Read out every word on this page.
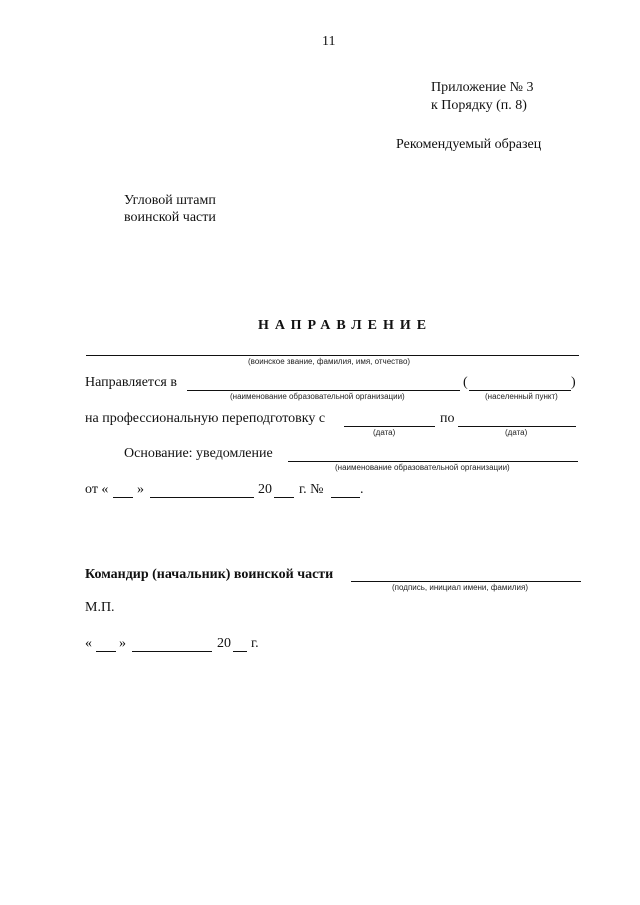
11
Приложение № 3
к Порядку (п. 8)
Рекомендуемый образец
Угловой штамп
воинской части
НАПРАВЛЕНИЕ
(воинское звание, фамилия, имя, отчество)
Направляется в
(наименование образовательной организации)
(	)
(населенный пункт)
на профессиональную переподготовку с
(дата)
по
(дата)
Основание: уведомление
(наименование образовательной организации)
от « »	20 г. №	.
Командир (начальник) воинской части
(подпись, инициал имени, фамилия)
М.П.
« »	20 г.
